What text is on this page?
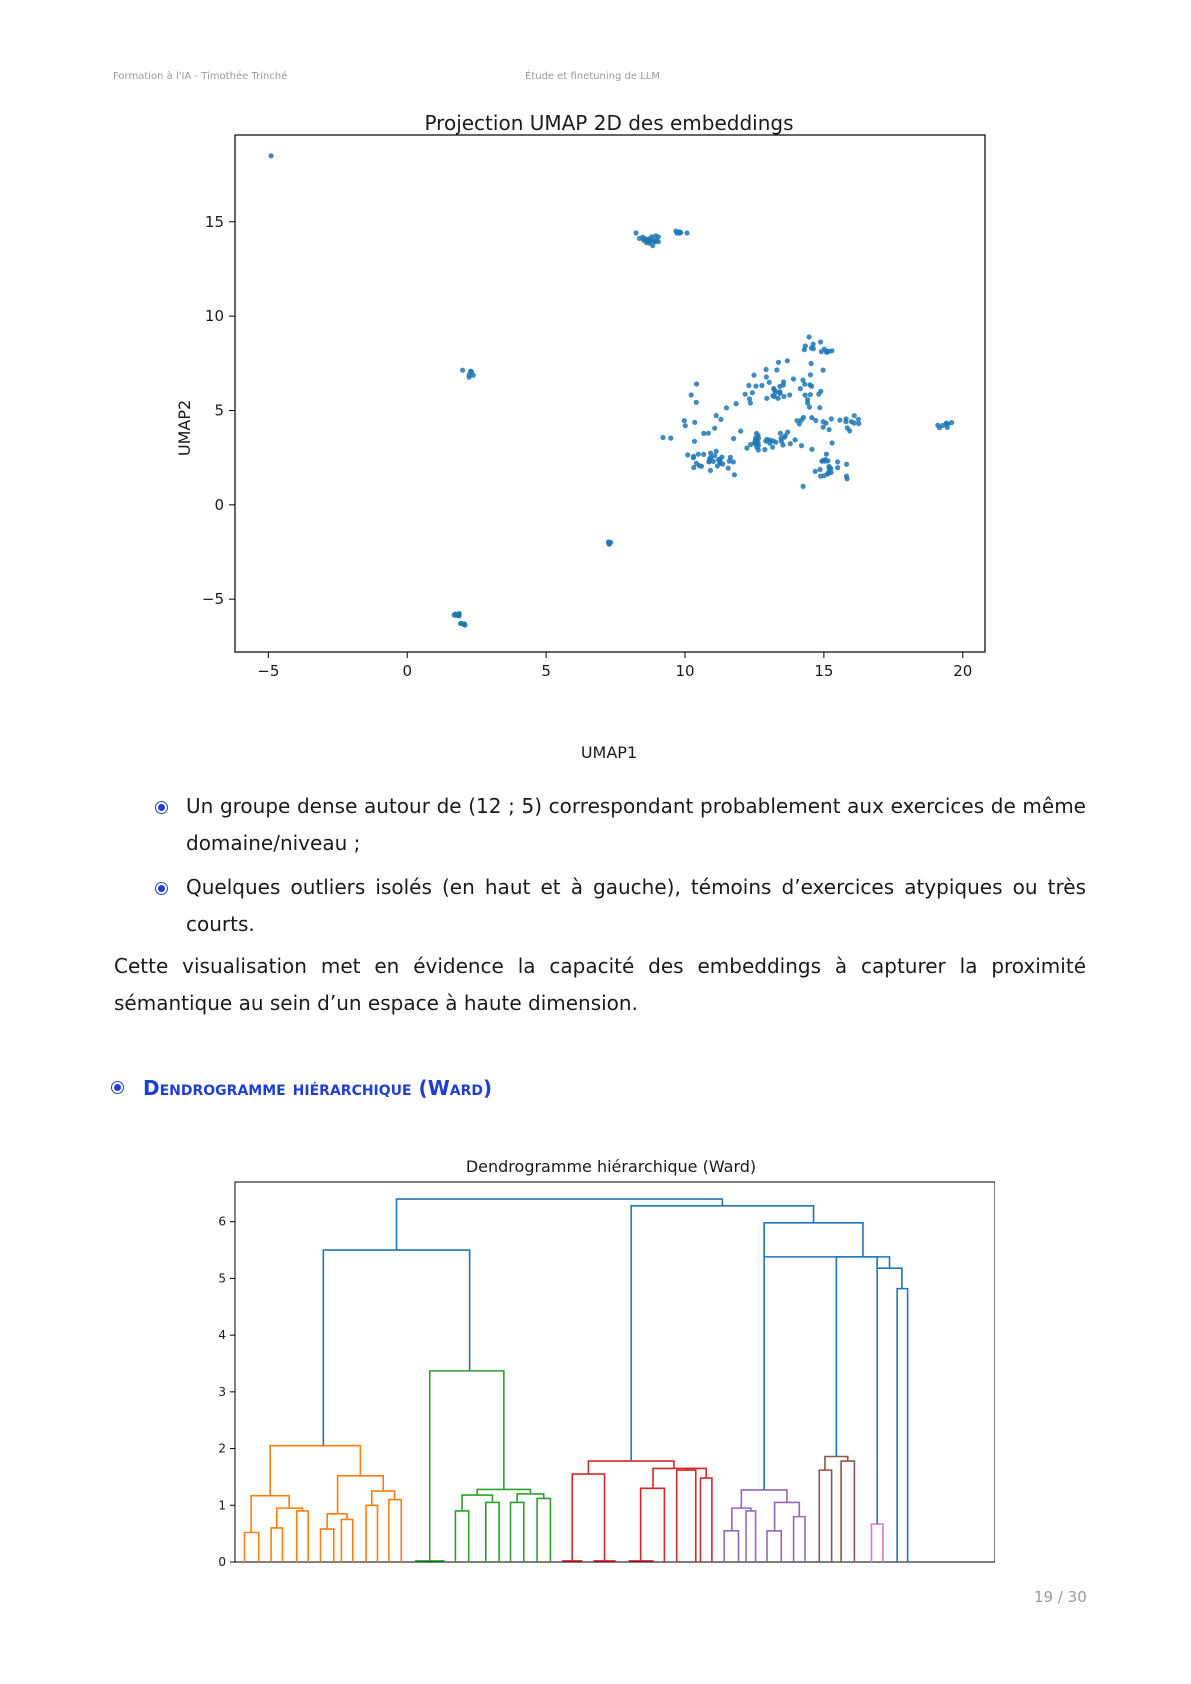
Formation à l'IA - Timothée Trinché	Étude et finetuning de LLM
Projection UMAP 2D des embeddings
−5	0	5	10	15	20
−5
0
5
10
15
UMAP1
UMAP2
Un groupe dense autour de (12 ; 5) correspondant probablement aux exercices de même domaine/niveau ;
Quelques outliers isolés (en haut et à gauche), témoins d’exercices atypiques ou très courts.

Cette visualisation met en évidence la capacité des embeddings à capturer la proximité sémantique au sein d’un espace à haute dimension.

Dendrogramme hiérarchique (Ward)
Dendrogramme hiérarchique (Ward)
0
1
2
3
4
5
6
19 / 30
